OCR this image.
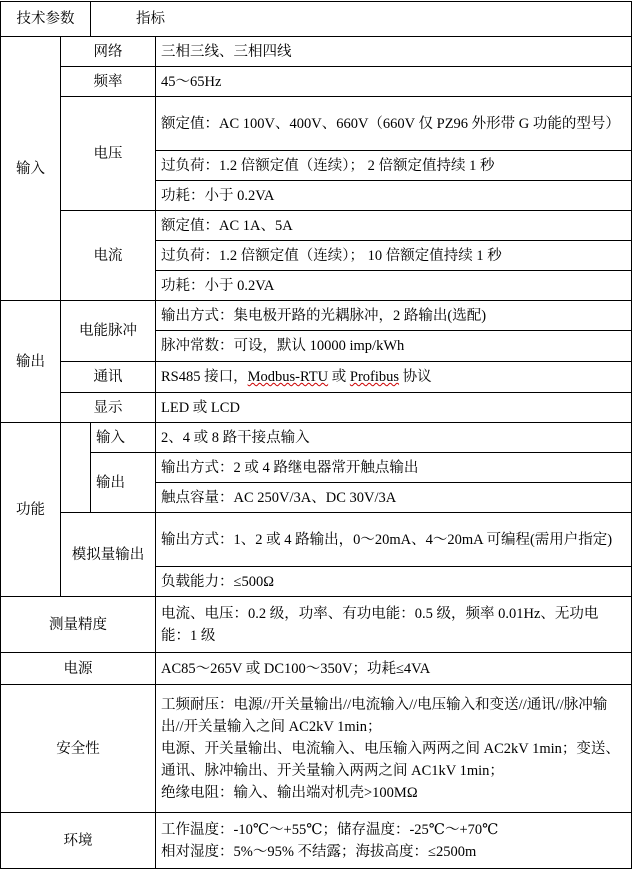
技术参数		指标	
输入	网络		三相三线、三相四线
	频率		45～65Hz
	电压		额定值：AC 100V、400V、660V（660V 仅 PZ96 外形带 G 功能的型号）
			过负荷：1.2 倍额定值（连续）； 2 倍额定值持续 1 秒
			功耗：小于 0.2VA
	电流		额定值：AC 1A、5A
			过负荷：1.2 倍额定值（连续）； 10 倍额定值持续 1 秒
			功耗：小于 0.2VA
输出	电能脉冲		输出方式：集电极开路的光耦脉冲，2 路输出(选配)
			脉冲常数：可设，默认 10000 imp/kWh
	通讯		RS485 接口，Modbus-RTU 或 Profibus 协议
	显示		LED 或 LCD
功能		输入	2、4 或 8 路干接点输入
		输出	输出方式：2 或 4 路继电器常开触点输出
			触点容量：AC 250V/3A、DC 30V/3A
	模拟量输出		输出方式：1、2 或 4 路输出，0～20mA、4～20mA 可编程(需用户指定)
			负载能力：≤500Ω
测量精度			电流、电压：0.2 级，功率、有功电能：0.5 级，频率 0.01Hz、无功电能：1 级
电源			AC85～265V 或 DC100～350V；功耗≤4VA
安全性			工频耐压：电源//开关量输出//电流输入//电压输入和变送//通讯//脉冲输出//开关量输入之间 AC2kV 1min；
电源、开关量输出、电流输入、电压输入两两之间 AC2kV 1min；变送、通讯、脉冲输出、开关量输入两两之间 AC1kV 1min；
绝缘电阻：输入、输出端对机壳>100MΩ

环境			工作温度：-10℃～+55℃；储存温度：-25℃～+70℃
相对湿度：5%～95% 不结露；海拔高度：≤2500m
